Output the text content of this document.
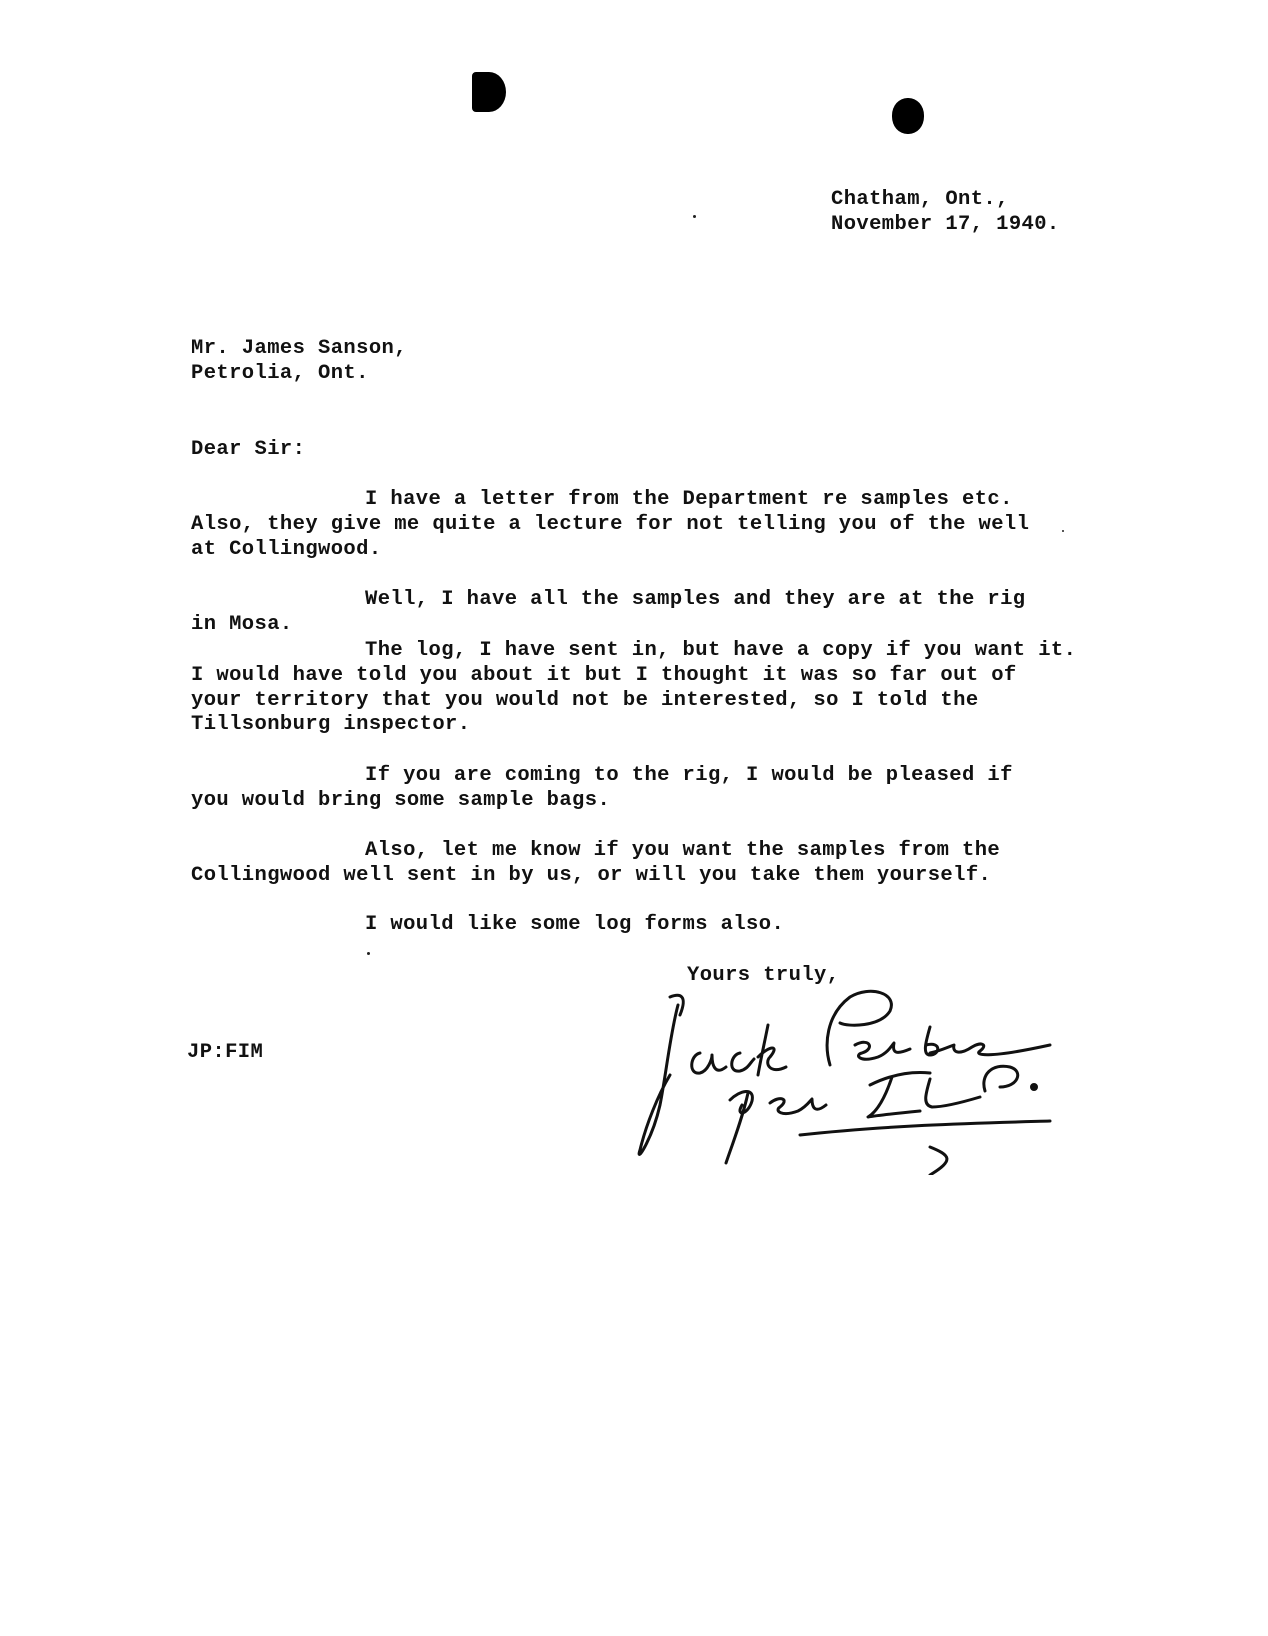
Chatham, Ont.,

November 17, 1940.

Mr. James Sanson,

Petrolia, Ont.

Dear Sir:

I have a letter from the Department re samples etc.

Also, they give me quite a lecture for not telling you of the well

at Collingwood.

Well, I have all the samples and they are at the rig

in Mosa.

The log, I have sent in, but have a copy if you want it.

I would have told you about it but I thought it was so far out of

your territory that you would not be interested, so I told the

Tillsonburg inspector.

If you are coming to the rig, I would be pleased if

you would bring some sample bags.

Also, let me know if you want the samples from the

Collingwood well sent in by us, or will you take them yourself.

I would like some log forms also.

Yours truly,

JP:FIM
